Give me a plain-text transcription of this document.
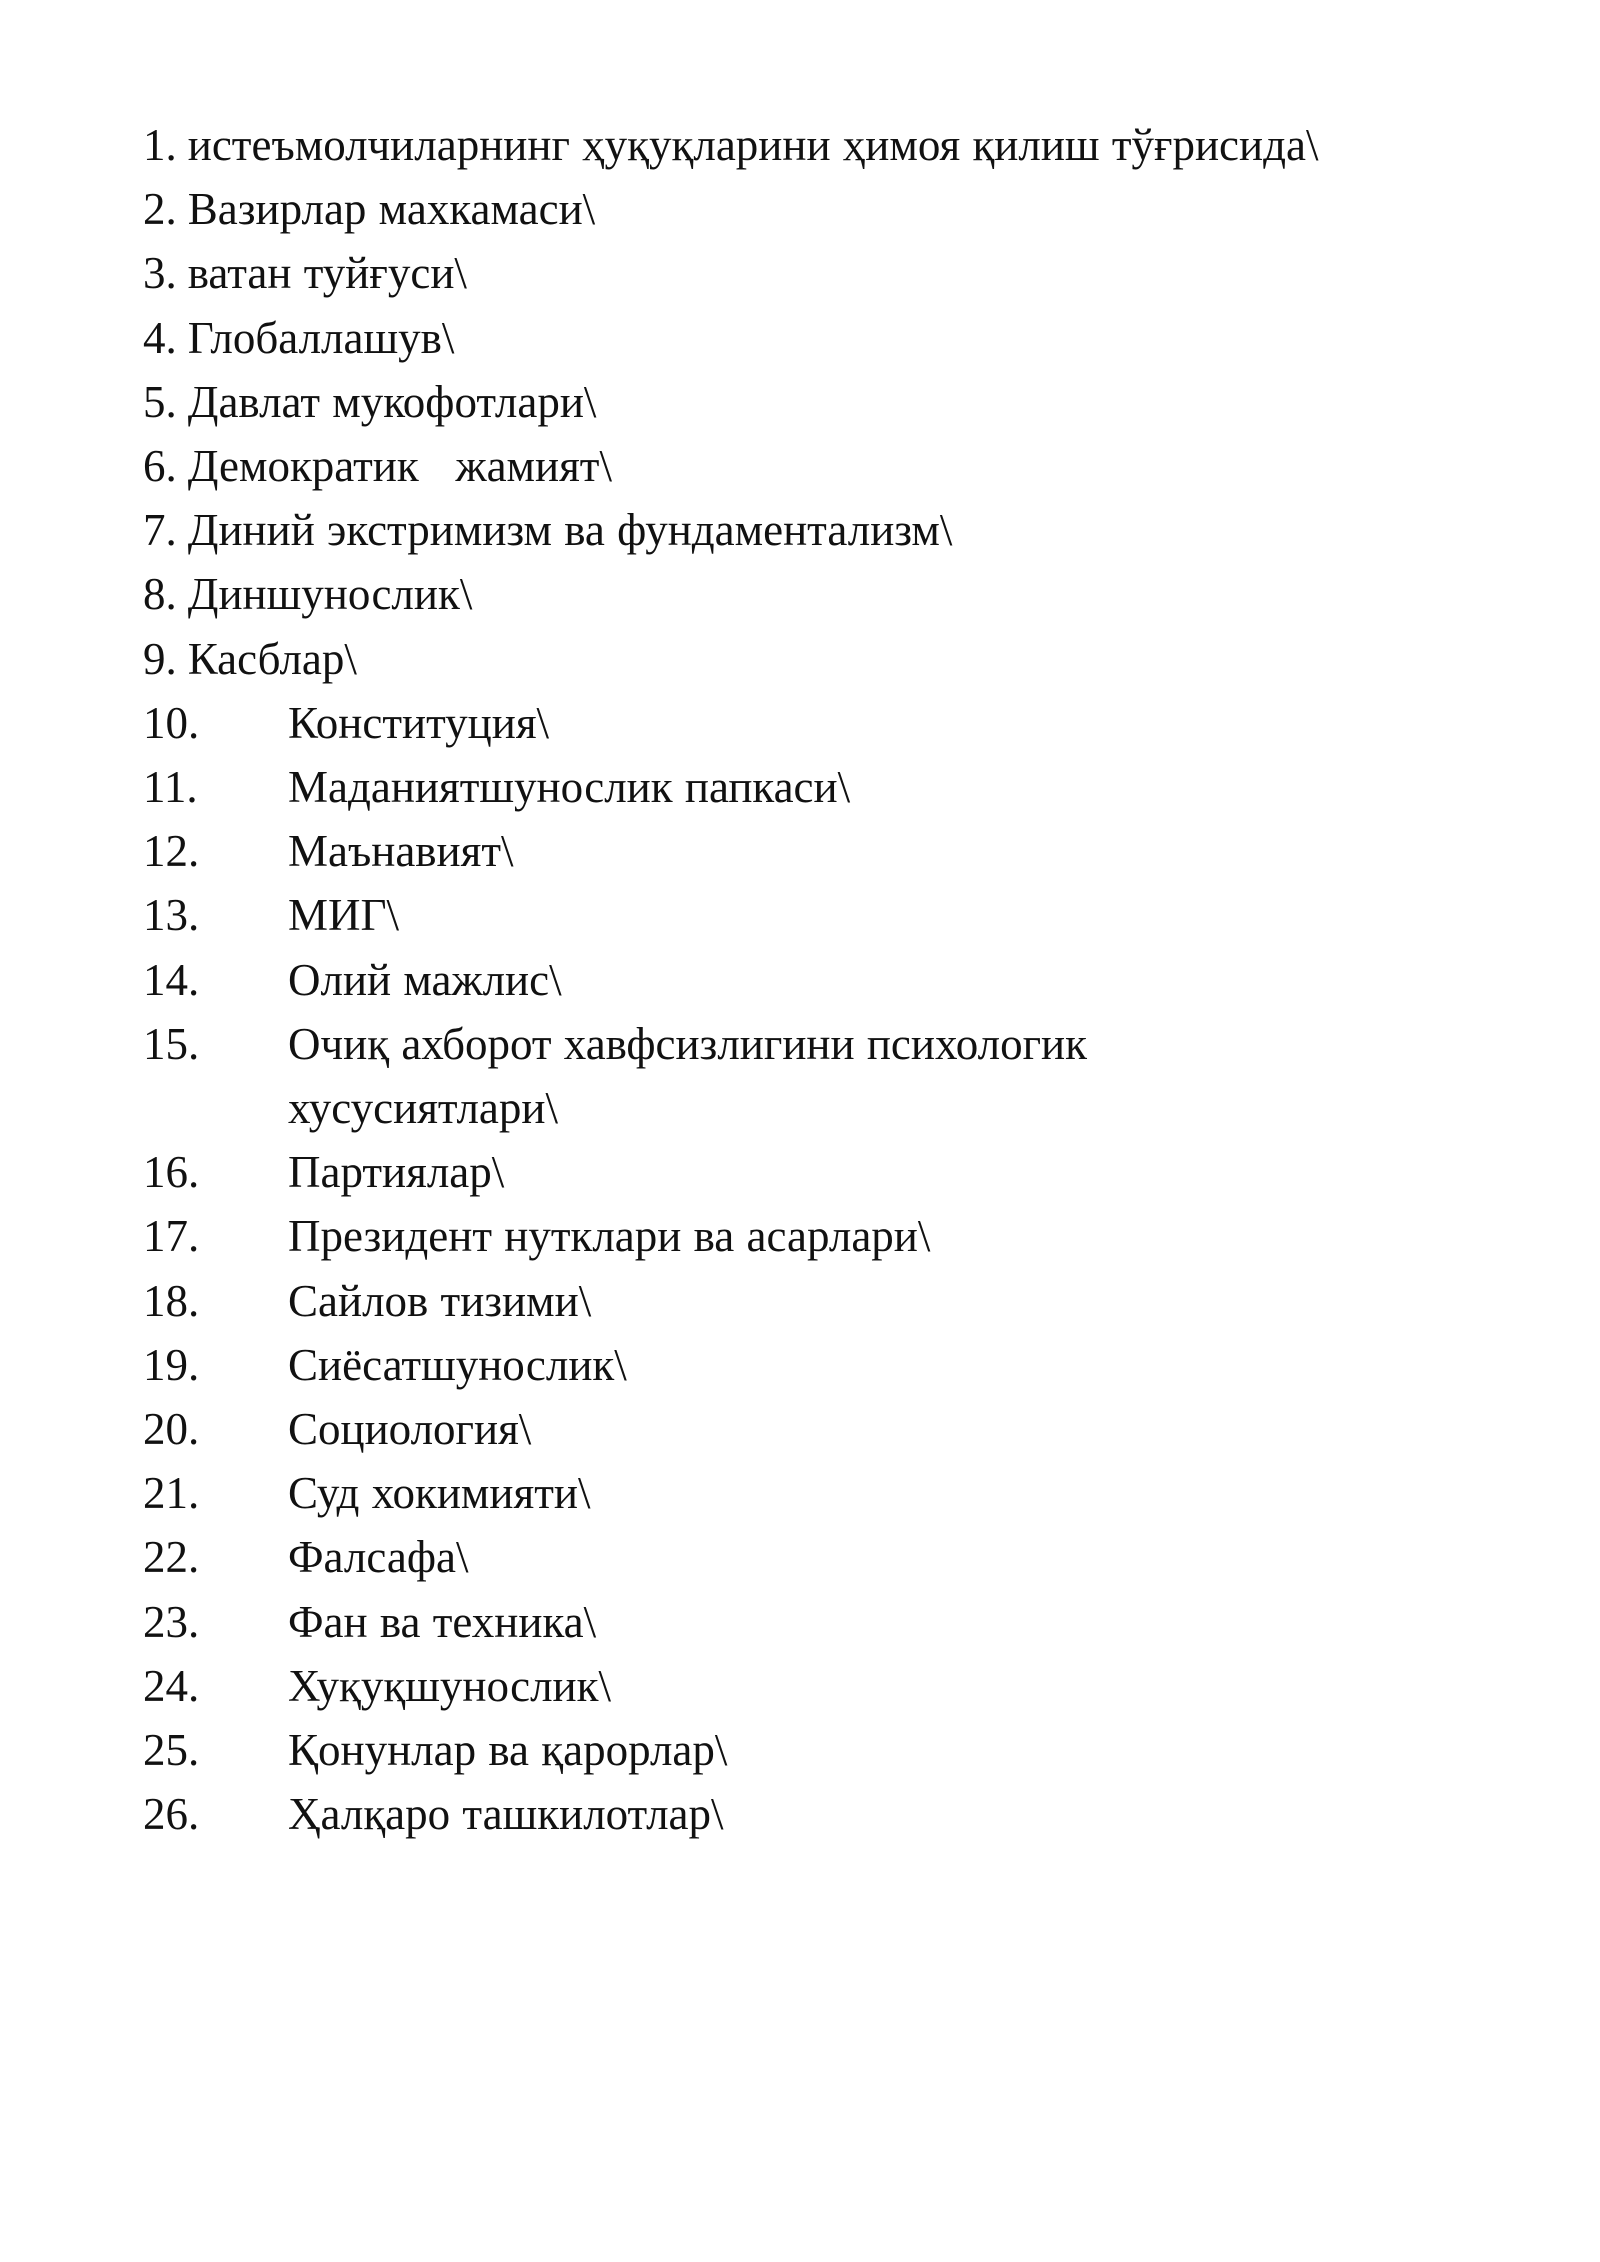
1. истеъмолчиларнинг ҳуқуқларини ҳимоя қилиш тўғрисида\
2. Вазирлар махкамаси\
3. ватан туйғуси\
4. Глобаллашув\
5. Давлат мукофотлари\
6. Демократик   жамият\
7. Диний экстримизм ва фундаментализм\
8. Диншунослик\
9. Касблар\
10.	Конституция\
11.	Маданиятшунослик папкаси\
12.	Маънавият\
13.	МИГ\
14.	Олий мажлис\
15.	Очиқ ахборот хавфсизлигини психологик хусусиятлари\
16.	Партиялар\
17.	Президент нутклари ва асарлари\
18.	Сайлов тизими\
19.	Сиёсатшунослик\
20.	Социология\
21.	Суд хокимияти\
22.	Фалсафа\
23.	Фан ва техника\
24.	Хуқуқшунослик\
25.	Қонунлар ва қарорлар\
26.	Ҳалқаро ташкилотлар\
